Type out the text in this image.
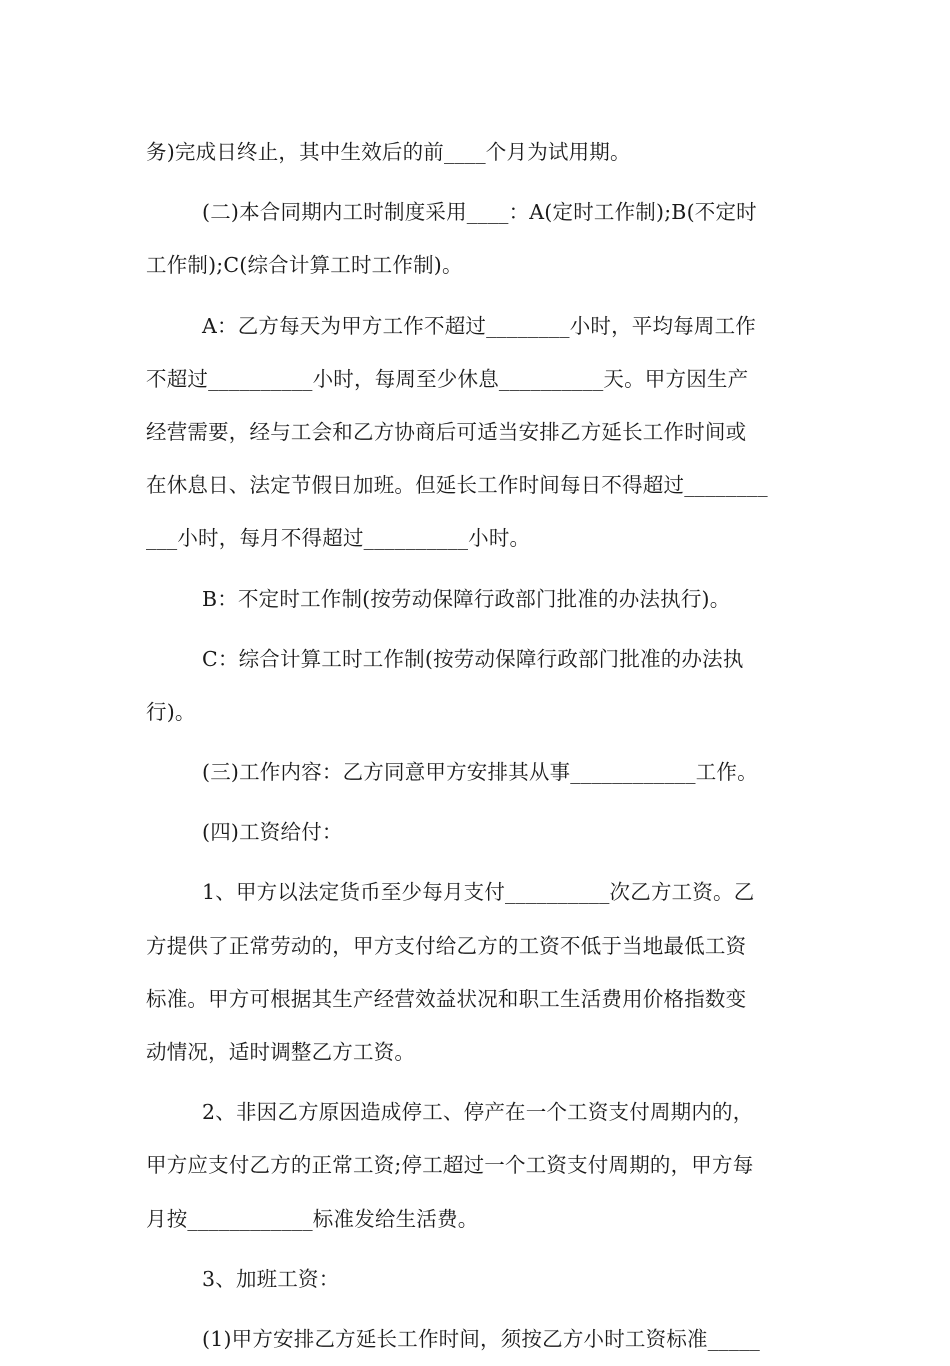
务)完成日终止，其中生效后的前____个月为试用期。
(二)本合同期内工时制度采用____：A(定时工作制);B(不定时
工作制);C(综合计算工时工作制)。
A：乙方每天为甲方工作不超过________小时，平均每周工作
不超过__________小时，每周至少休息__________天。甲方因生产
经营需要，经与工会和乙方协商后可适当安排乙方延长工作时间或
在休息日、法定节假日加班。但延长工作时间每日不得超过________
___小时，每月不得超过__________小时。
B：不定时工作制(按劳动保障行政部门批准的办法执行)。
C：综合计算工时工作制(按劳动保障行政部门批准的办法执
行)。
(三)工作内容：乙方同意甲方安排其从事____________工作。
(四)工资给付：
1、甲方以法定货币至少每月支付__________次乙方工资。乙
方提供了正常劳动的，甲方支付给乙方的工资不低于当地最低工资
标准。甲方可根据其生产经营效益状况和职工生活费用价格指数变
动情况，适时调整乙方工资。
2、非因乙方原因造成停工、停产在一个工资支付周期内的，
甲方应支付乙方的正常工资;停工超过一个工资支付周期的，甲方每
月按____________标准发给生活费。
3、加班工资：
(1)甲方安排乙方延长工作时间，须按乙方小时工资标准_____
